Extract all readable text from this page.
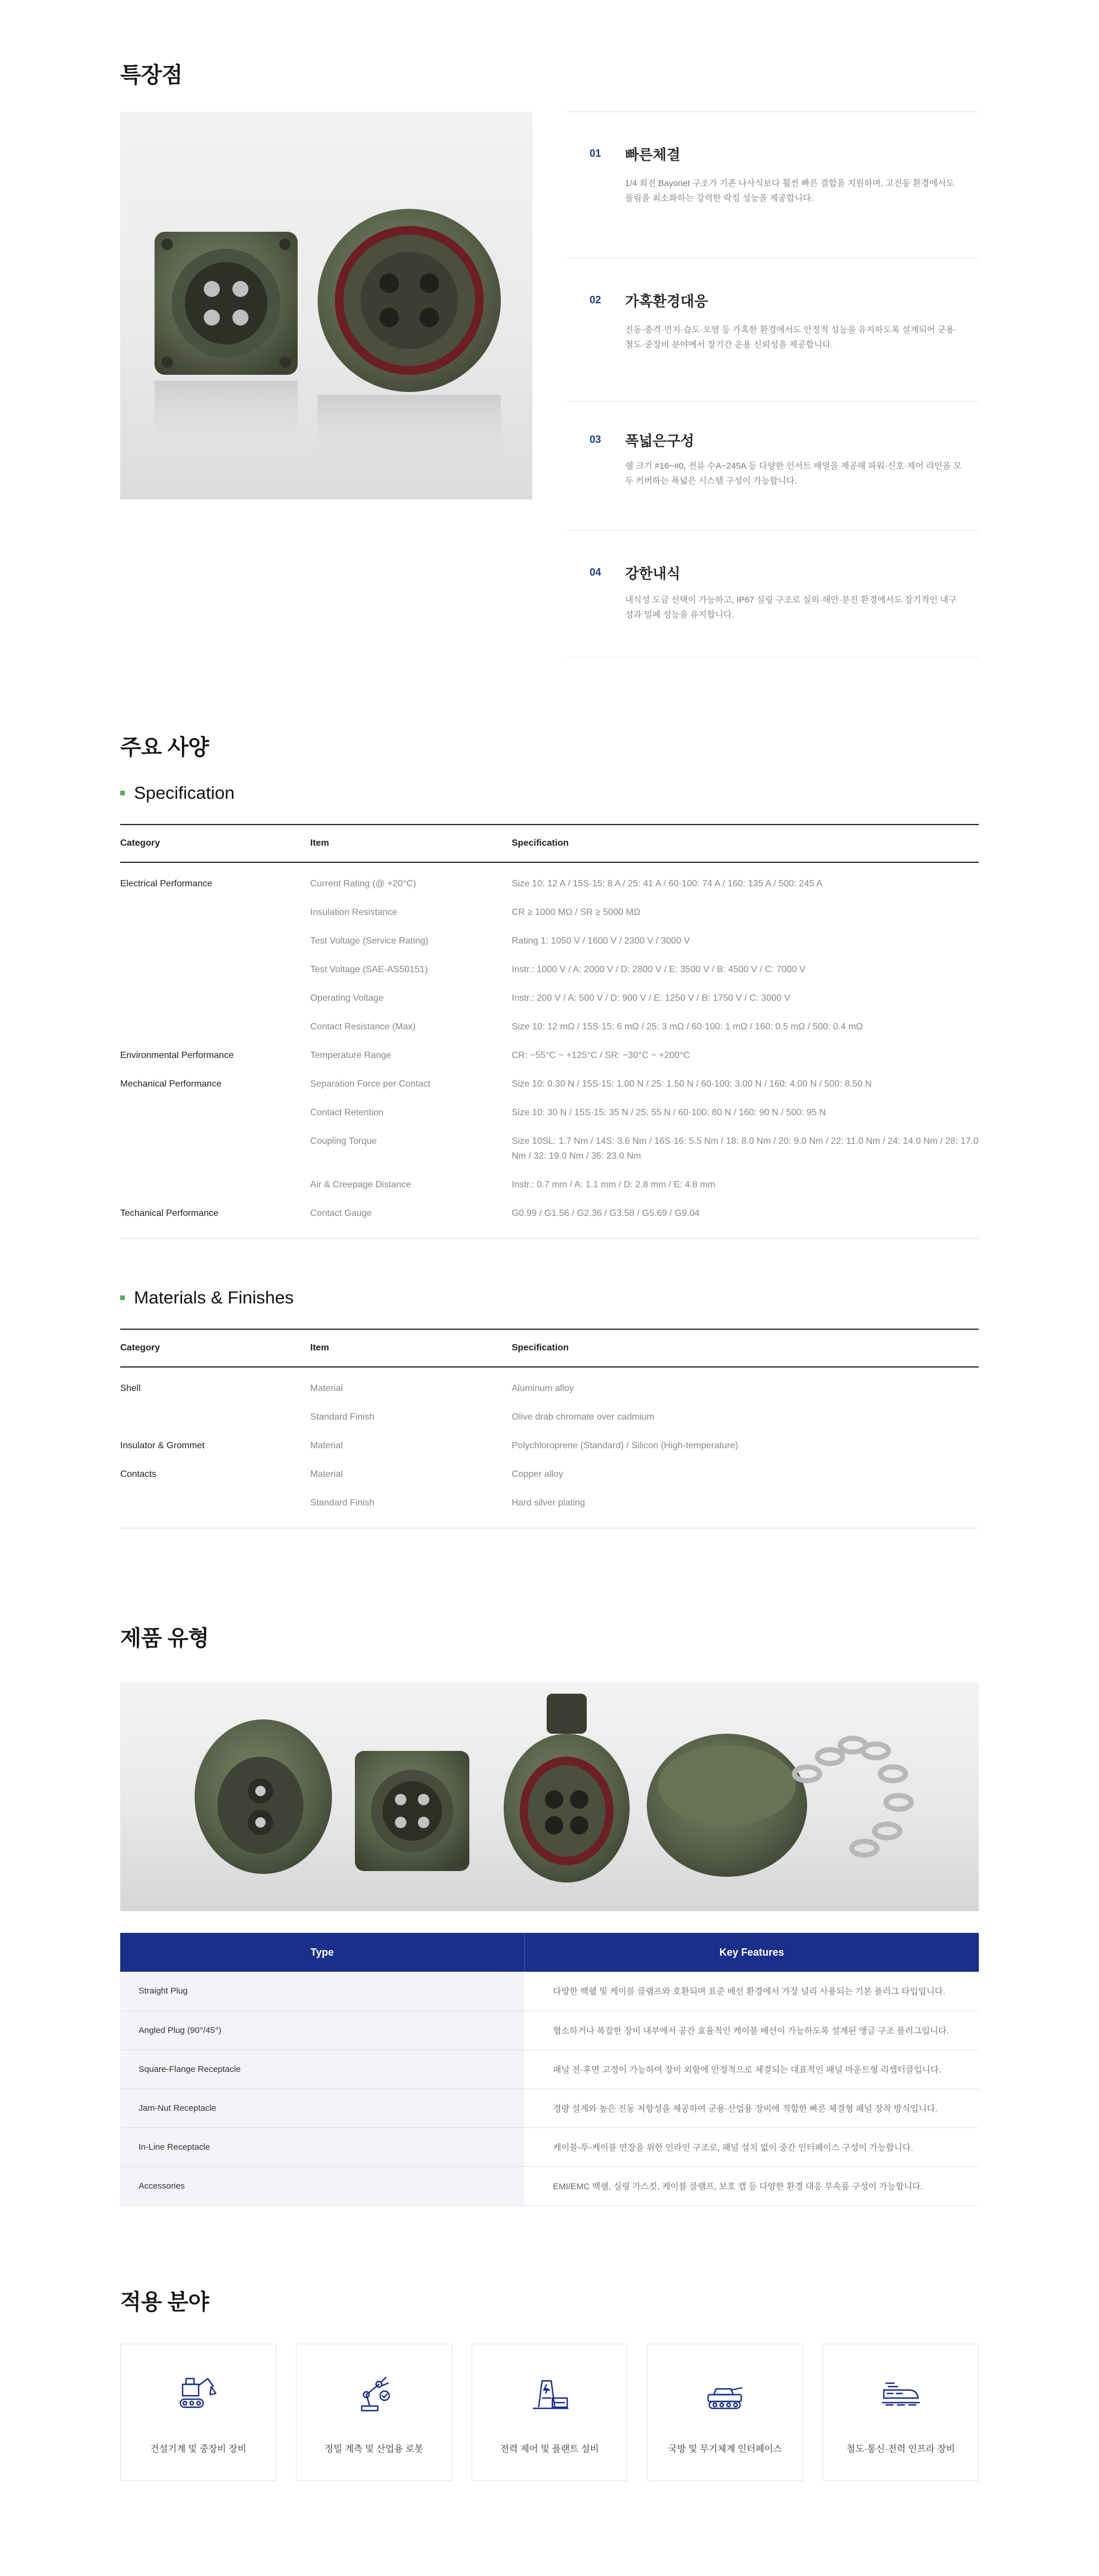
특장점
01 빠른체결

1/4 회전 Bayonet 구조가 기존 나사식보다 훨씬 빠른 결합을 지원하며, 고진동 환경에서도 풀림을 최소화하는 강력한 락킹 성능을 제공합니다.

02 가혹환경대응

진동·충격·먼지·습도·오염 등 가혹한 환경에서도 안정적 성능을 유지하도록 설계되어 군용·철도·중장비 분야에서 장기간 운용 신뢰성을 제공합니다.

03 폭넓은구성

쉘 크기 #16~#0, 전류 수A~245A 등 다양한 인서트 배열을 제공해 파워·신호·제어 라인을 모두 커버하는 폭넓은 시스템 구성이 가능합니다.

04 강한내식

내식성 도금 선택이 가능하고, IP67 실링 구조로 실외·해안·분진 환경에서도 장기적인 내구성과 밀폐 성능을 유지합니다.

주요 사양
Specification
Category	Item	Specification
Electrical Performance	Current Rating (@ +20°C)	Size 10: 12 A / 15S·15: 8 A / 25: 41 A / 60·100: 74 A / 160: 135 A / 500: 245 A
	Insulation Resistance	CR ≥ 1000 MΩ / SR ≥ 5000 MΩ
	Test Voltage (Service Rating)	Rating 1: 1050 V / 1600 V / 2300 V / 3000 V
	Test Voltage (SAE-AS50151)	Instr.: 1000 V / A: 2000 V / D: 2800 V / E: 3500 V / B: 4500 V / C: 7000 V
	Operating Voltage	Instr.: 200 V / A: 500 V / D: 900 V / E: 1250 V / B: 1750 V / C: 3000 V
	Contact Resistance (Max)	Size 10: 12 mΩ / 15S·15: 6 mΩ / 25: 3 mΩ / 60·100: 1 mΩ / 160: 0.5 mΩ / 500: 0.4 mΩ
Environmental Performance	Temperature Range	CR: −55°C ~ +125°C / SR: −30°C ~ +200°C
Mechanical Performance	Separation Force per Contact	Size 10: 0.30 N / 15S·15: 1.00 N / 25: 1.50 N / 60·100: 3.00 N / 160: 4.00 N / 500: 8.50 N
	Contact Retention	Size 10: 30 N / 15S·15: 35 N / 25: 55 N / 60·100: 80 N / 160: 90 N / 500: 95 N
	Coupling Torque	Size 10SL: 1.7 Nm / 14S: 3.6 Nm / 16S·16: 5.5 Nm / 18: 8.0 Nm / 20: 9.0 Nm / 22: 11.0 Nm / 24: 14.0 Nm / 28: 17.0 Nm / 32: 19.0 Nm / 36: 23.0 Nm
	Air & Creepage Distance	Instr.: 0.7 mm / A: 1.1 mm / D: 2.8 mm / E: 4.8 mm
Techanical Performance	Contact Gauge	G0.99 / G1.56 / G2.36 / G3.58 / G5.69 / G9.04
Materials & Finishes
Category	Item	Specification
Shell	Material	Aluminum alloy
	Standard Finish	Olive drab chromate over cadmium
Insulator & Grommet	Material	Polychloroprene (Standard) / Silicon (High-temperature)
Contacts	Material	Copper alloy
	Standard Finish	Hard silver plating
제품 유형
Type	Key Features
Straight Plug	다양한 백쉘 및 케이블 클램프와 호환되며 표준 배선 환경에서 가장 널리 사용되는 기본 플러그 타입입니다.
Angled Plug (90°/45°)	협소하거나 복잡한 장비 내부에서 공간 효율적인 케이블 배선이 가능하도록 설계된 앵글 구조 플러그입니다.
Square-Flange Receptacle	패널 전·후면 고정이 가능하여 장비 외함에 안정적으로 체결되는 대표적인 패널 마운트형 리셉터클입니다.
Jam-Nut Receptacle	경량 설계와 높은 진동 저항성을 제공하여 군용·산업용 장비에 적합한 빠른 체결형 패널 장착 방식입니다.
In-Line Receptacle	케이블-투-케이블 연장을 위한 인라인 구조로, 패널 설치 없이 중간 인터페이스 구성이 가능합니다.
Accessories	EMI/EMC 백쉘, 실링 가스킷, 케이블 클램프, 보호 캡 등 다양한 환경 대응 부속품 구성이 가능합니다.
적용 분야
건설기계 및 중장비 장비	정밀 계측 및 산업용 로봇	전력 제어 및 플랜트 설비	국방 및 무기체계 인터페이스	철도·통신·전력 인프라 장비
